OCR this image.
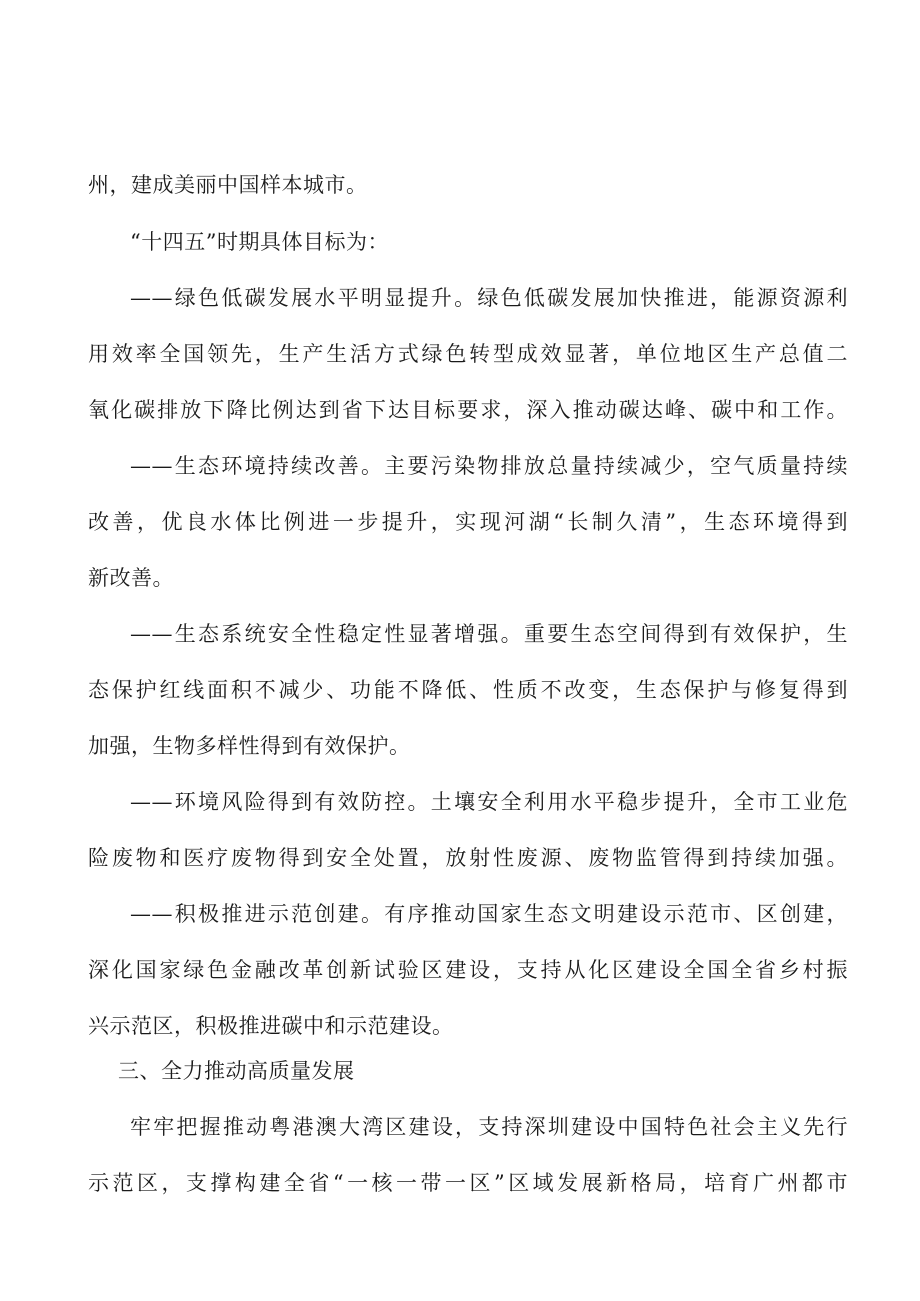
州，建成美丽中国样本城市。
“十四五”时期具体目标为：
——绿色低碳发展水平明显提升。绿色低碳发展加快推进，能源资源利
用效率全国领先，生产生活方式绿色转型成效显著，单位地区生产总值二
氧化碳排放下降比例达到省下达目标要求，深入推动碳达峰、碳中和工作。
——生态环境持续改善。主要污染物排放总量持续减少，空气质量持续
改善，优良水体比例进一步提升，实现河湖“长制久清”，生态环境得到
新改善。
——生态系统安全性稳定性显著增强。重要生态空间得到有效保护，生
态保护红线面积不减少、功能不降低、性质不改变，生态保护与修复得到
加强，生物多样性得到有效保护。
——环境风险得到有效防控。土壤安全利用水平稳步提升，全市工业危
险废物和医疗废物得到安全处置，放射性废源、废物监管得到持续加强。
——积极推进示范创建。有序推动国家生态文明建设示范市、区创建，
深化国家绿色金融改革创新试验区建设，支持从化区建设全国全省乡村振
兴示范区，积极推进碳中和示范建设。
三、全力推动高质量发展
牢牢把握推动粤港澳大湾区建设，支持深圳建设中国特色社会主义先行
示范区，支撑构建全省“一核一带一区”区域发展新格局，培育广州都市
